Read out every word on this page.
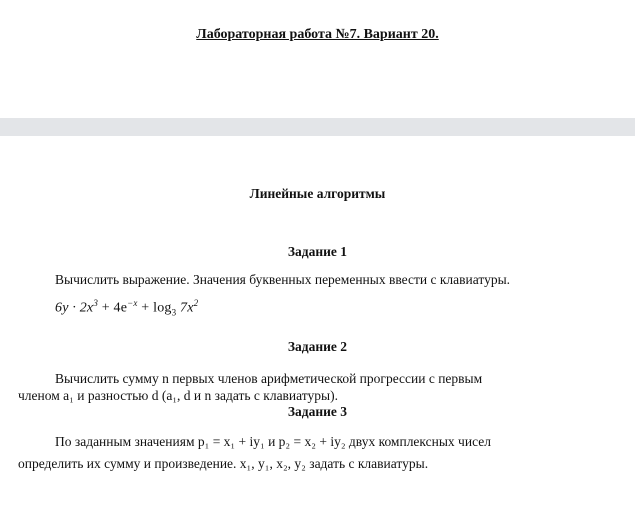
Лабораторная работа №7. Вариант 20.
Линейные алгоритмы
Задание 1
Вычислить выражение. Значения буквенных переменных ввести с клавиатуры.
$6y \cdot 2x^3 + 4e^{-x} + \log_3 7x^2$
Задание 2
Вычислить сумму n первых членов арифметической прогрессии с первым
членом a₁ и разностью d (a₁, d и n задать с клавиатуры).
Задание 3
По заданным значениям p₁ = x₁ + iy₁ и p₂ = x₂ + iy₂ двух комплексных чисел
определить их сумму и произведение. x₁, y₁, x₂, y₂ задать с клавиатуры.
